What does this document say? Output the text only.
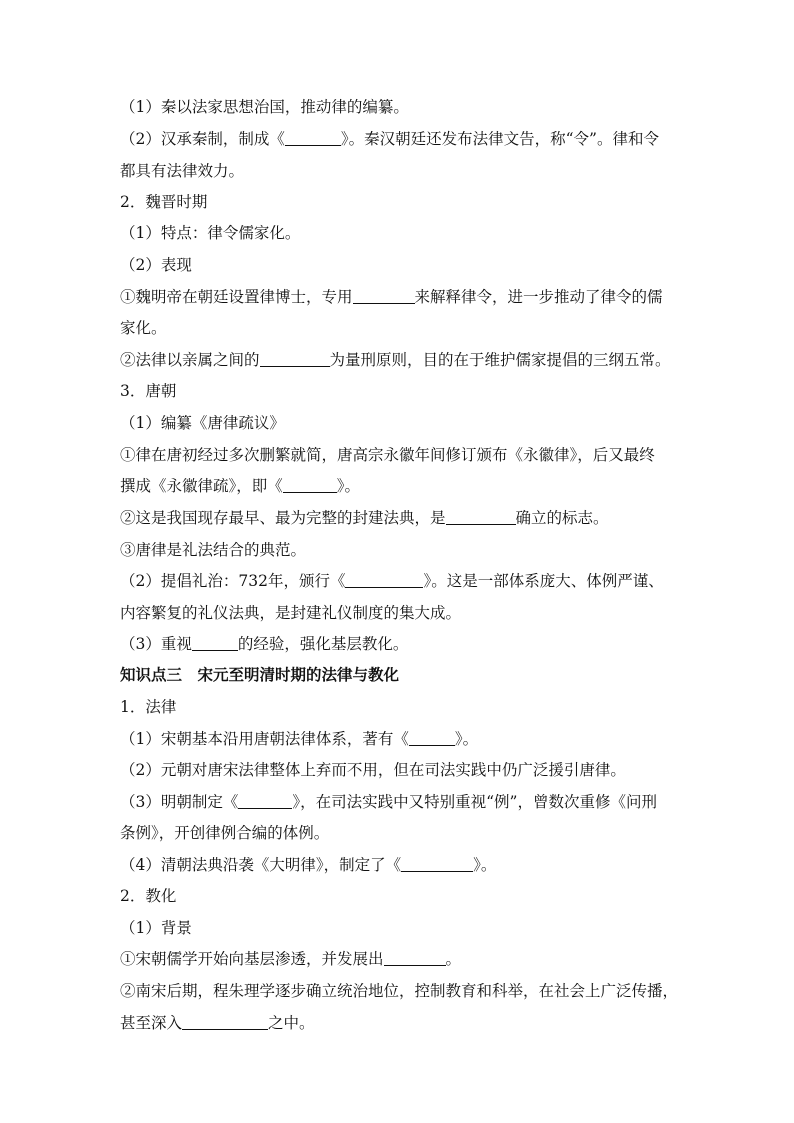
（1）秦以法家思想治国，推动律的编纂。
（2）汉承秦制，制成《	》。秦汉朝廷还发布法律文告，称“令”。律和令
都具有法律效力。
2．魏晋时期
（1）特点：律令儒家化。
（2）表现
①魏明帝在朝廷设置律博士，专用	来解释律令，进一步推动了律令的儒
家化。
②法律以亲属之间的	为量刑原则，目的在于维护儒家提倡的三纲五常。
3．唐朝
（1）编纂《唐律疏议》
①律在唐初经过多次删繁就简，唐高宗永徽年间修订颁布《永徽律》，后又最终
撰成《永徽律疏》，即《	》。
②这是我国现存最早、最为完整的封建法典，是	确立的标志。
③唐律是礼法结合的典范。
（2）提倡礼治：732年，颁行《	》。这是一部体系庞大、体例严谨、
内容繁复的礼仪法典，是封建礼仪制度的集大成。
（3）重视	的经验，强化基层教化。
知识点三　宋元至明清时期的法律与教化
1．法律
（1）宋朝基本沿用唐朝法律体系，著有《	》。
（2）元朝对唐宋法律整体上弃而不用，但在司法实践中仍广泛援引唐律。
（3）明朝制定《	》，在司法实践中又特别重视“例”，曾数次重修《问刑
条例》，开创律例合编的体例。
（4）清朝法典沿袭《大明律》，制定了《	》。
2．教化
（1）背景
①宋朝儒学开始向基层渗透，并发展出	。
②南宋后期，程朱理学逐步确立统治地位，控制教育和科举，在社会上广泛传播，
甚至深入	之中。
